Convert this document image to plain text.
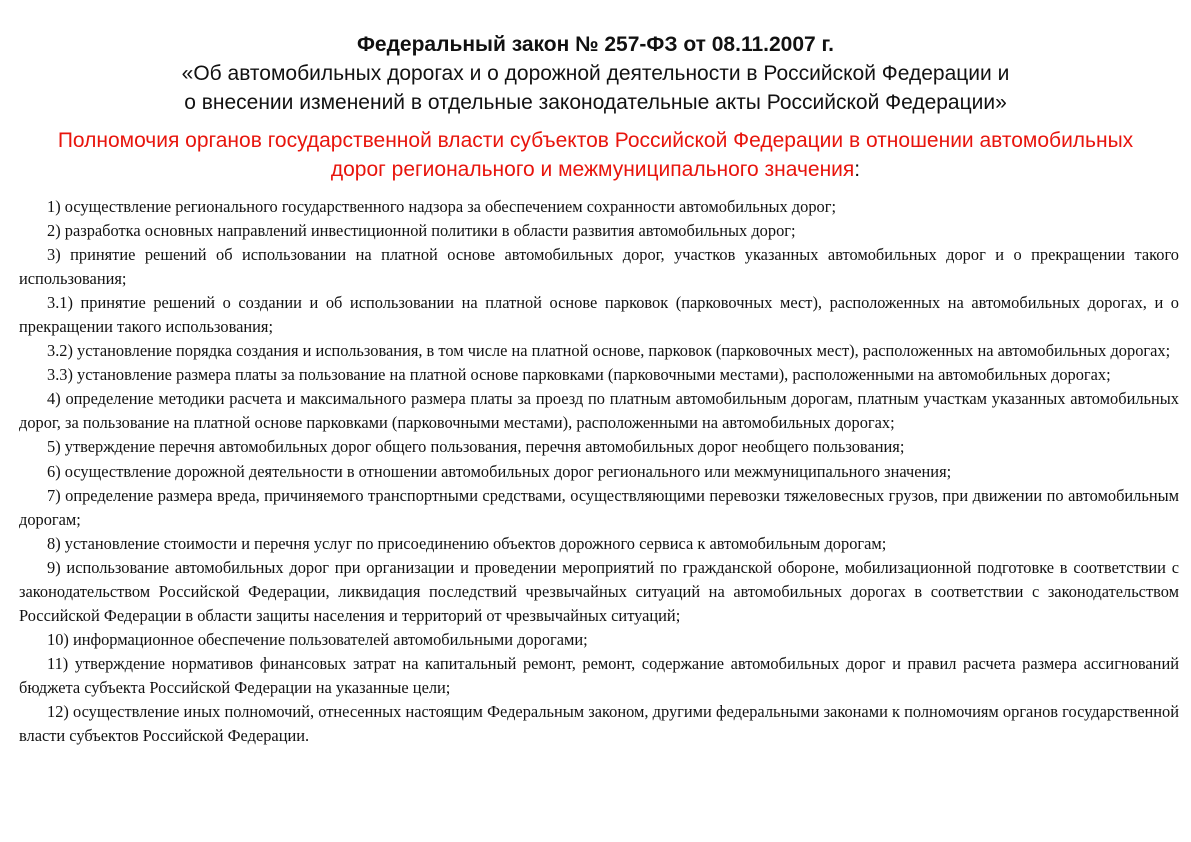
Федеральный закон № 257-ФЗ от 08.11.2007 г.

«Об автомобильных дорогах и о дорожной деятельности в Российской Федерации и

о внесении изменений в отдельные законодательные акты Российской Федерации»

Полномочия органов государственной власти субъектов Российской Федерации в отношении автомобильных дорог регионального и межмуниципального значения:
1) осуществление регионального государственного надзора за обеспечением сохранности автомобильных дорог;
2) разработка основных направлений инвестиционной политики в области развития автомобильных дорог;
3) принятие решений об использовании на платной основе автомобильных дорог, участков указанных автомобильных дорог и о прекращении такого использования;
3.1) принятие решений о создании и об использовании на платной основе парковок (парковочных мест), расположенных на автомобильных дорогах, и о прекращении такого использования;
3.2) установление порядка создания и использования, в том числе на платной основе, парковок (парковочных мест), расположенных на автомобильных дорогах;
3.3) установление размера платы за пользование на платной основе парковками (парковочными местами), расположенными на автомобильных дорогах;
4) определение методики расчета и максимального размера платы за проезд по платным автомобильным дорогам, платным участкам указанных автомобильных дорог, за пользование на платной основе парковками (парковочными местами), расположенными на автомобильных дорогах;
5) утверждение перечня автомобильных дорог общего пользования, перечня автомобильных дорог необщего пользования;
6) осуществление дорожной деятельности в отношении автомобильных дорог регионального или межмуниципального значения;
7) определение размера вреда, причиняемого транспортными средствами, осуществляющими перевозки тяжеловесных грузов, при движении по автомобильным дорогам;
8) установление стоимости и перечня услуг по присоединению объектов дорожного сервиса к автомобильным дорогам;
9) использование автомобильных дорог при организации и проведении мероприятий по гражданской обороне, мобилизационной подготовке в соответствии с законодательством Российской Федерации, ликвидация последствий чрезвычайных ситуаций на автомобильных дорогах в соответствии с законодательством Российской Федерации в области защиты населения и территорий от чрезвычайных ситуаций;
10) информационное обеспечение пользователей автомобильными дорогами;
11) утверждение нормативов финансовых затрат на капитальный ремонт, ремонт, содержание автомобильных дорог и правил расчета размера ассигнований бюджета субъекта Российской Федерации на указанные цели;
12) осуществление иных полномочий, отнесенных настоящим Федеральным законом, другими федеральными законами к полномочиям органов государственной власти субъектов Российской Федерации.
